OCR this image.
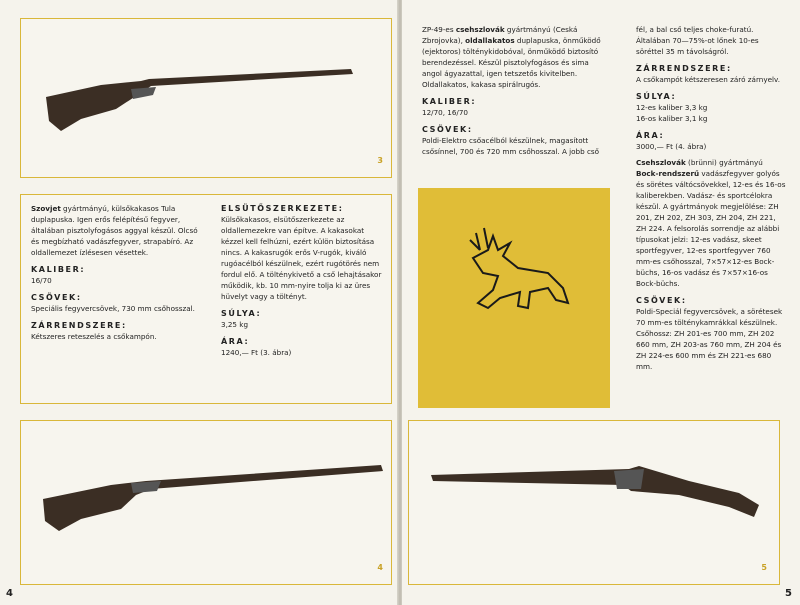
3
Szovjet gyártmányú, külsőkakasos Tula duplapuska. Igen erős felépítésű fegyver, általában pisztolyfogásos aggyal készül. Olcsó és megbízható vadászfegyver, strapabíró. Az oldallemezet ízlésesen vésettek.
KALIBER:
16/70
CSÖVEK:
Speciális fegyvercsövek, 730 mm csőhosszal.
ZÁRRENDSZERE:
Kétszeres reteszelés a csőkampón.
ELSÜTŐSZERKEZETE:
Külsőkakasos, elsütőszerkezete az oldallemezekre van építve. A kakasokat kézzel kell felhúzni, ezért külön biztosítása nincs. A kakasrugók erős V-rugók, kiváló rugóacélból készülnek, ezért rugótörés nem fordul elő. A tölténykivető a cső lehajtásakor működik, kb. 10 mm-nyire tolja ki az üres hüvelyt vagy a töltényt.
SÚLYA:
3,25 kg
ÁRA:
1240,— Ft (3. ábra)
4
4
ZP-49-es csehszlovák gyártmányú (Ceská Zbrojovka), oldallakatos duplapuska, önműködő (ejektoros) tölténykidobóval, önműködő biztosító berendezéssel. Készül pisztolyfogásos és sima angol ágyazattal, igen tetszetős kivitelben. Oldallakatos, kakasa spirálrugós.
KALIBER:
12/70, 16/70
CSÖVEK:
Poldi-Elektro csőacélból készülnek, magasított csősínnel, 700 és 720 mm csőhosszal. A jobb cső
fél, a bal cső teljes choke-furatú. Általában 70—75%-ot lőnek 10-es söréttel 35 m távolságról.
ZÁRRENDSZERE:
A csőkampót kétszeresen záró zárnyelv.
SÚLYA:
12-es kaliber 3,3 kg
16-os kaliber 3,1 kg
ÁRA:
3000,— Ft (4. ábra)
Csehszlovák (brünni) gyártmányú Bock-rendszerű vadászfegyver golyós és sörétes váltócsövekkel, 12-es és 16-os kaliberekben. Vadász- és sportcélokra készül. A gyártmányok megjelölése: ZH 201, ZH 202, ZH 303, ZH 204, ZH 221, ZH 224. A felsorolás sorrendje az alábbi típusokat jelzi: 12-es vadász, skeet sportfegyver, 12-es sportfegyver 760 mm-es csőhosszal, 7×57×12-es Bock-büchs, 16-os vadász és 7×57×16-os Bock-büchs.
CSÖVEK:
Poldi-Speciál fegyvercsövek, a sörétesek 70 mm-es tölténykamrákkal készülnek. Csőhossz: ZH 201-es 700 mm, ZH 202 660 mm, ZH 203-as 760 mm, ZH 204 és ZH 224-es 600 mm és ZH 221-es 680 mm.
5
5
